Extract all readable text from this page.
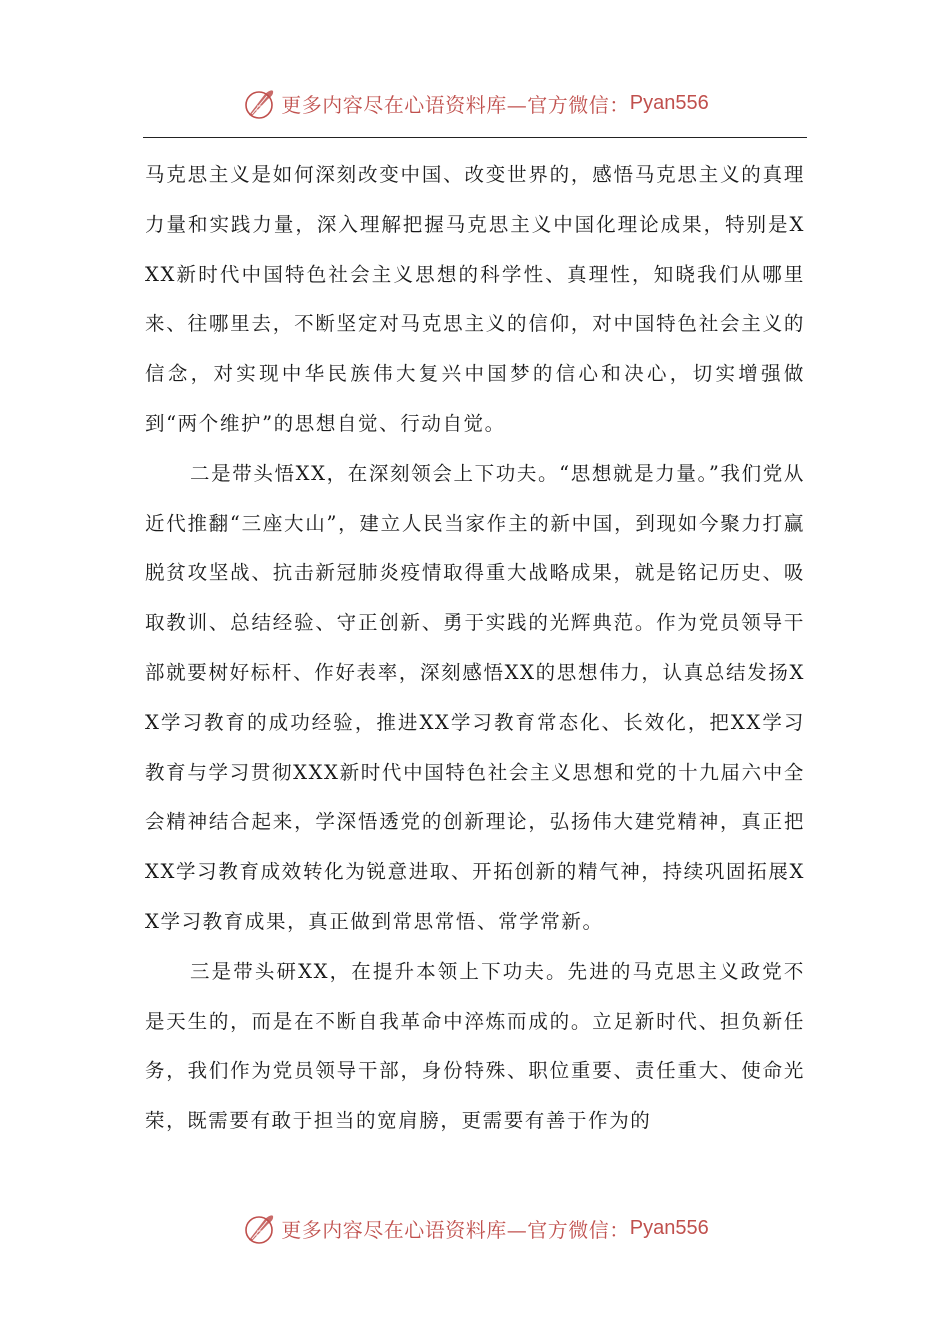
更多内容尽在心语资料库—官方微信： Pyan556

马克思主义是如何深刻改变中国、改变世界的，感悟马克思主义的真理力量和实践力量，深入理解把握马克思主义中国化理论成果，特别是XXX新时代中国特色社会主义思想的科学性、真理性，知晓我们从哪里来、往哪里去，不断坚定对马克思主义的信仰，对中国特色社会主义的信念，对实现中华民族伟大复兴中国梦的信心和决心，切实增强做到“两个维护”的思想自觉、行动自觉。

二是带头悟XX，在深刻领会上下功夫。“思想就是力量。”我们党从近代推翻“三座大山”，建立人民当家作主的新中国，到现如今聚力打赢脱贫攻坚战、抗击新冠肺炎疫情取得重大战略成果，就是铭记历史、吸取教训、总结经验、守正创新、勇于实践的光辉典范。作为党员领导干部就要树好标杆、作好表率，深刻感悟XX的思想伟力，认真总结发扬XX学习教育的成功经验，推进XX学习教育常态化、长效化，把XX学习教育与学习贯彻XXX新时代中国特色社会主义思想和党的十九届六中全会精神结合起来，学深悟透党的创新理论，弘扬伟大建党精神，真正把XX学习教育成效转化为锐意进取、开拓创新的精气神，持续巩固拓展XX学习教育成果，真正做到常思常悟、常学常新。

三是带头研XX，在提升本领上下功夫。先进的马克思主义政党不是天生的，而是在不断自我革命中淬炼而成的。立足新时代、担负新任务，我们作为党员领导干部，身份特殊、职位重要、责任重大、使命光荣，既需要有敢于担当的宽肩膀，更需要有善于作为的

更多内容尽在心语资料库—官方微信： Pyan556
